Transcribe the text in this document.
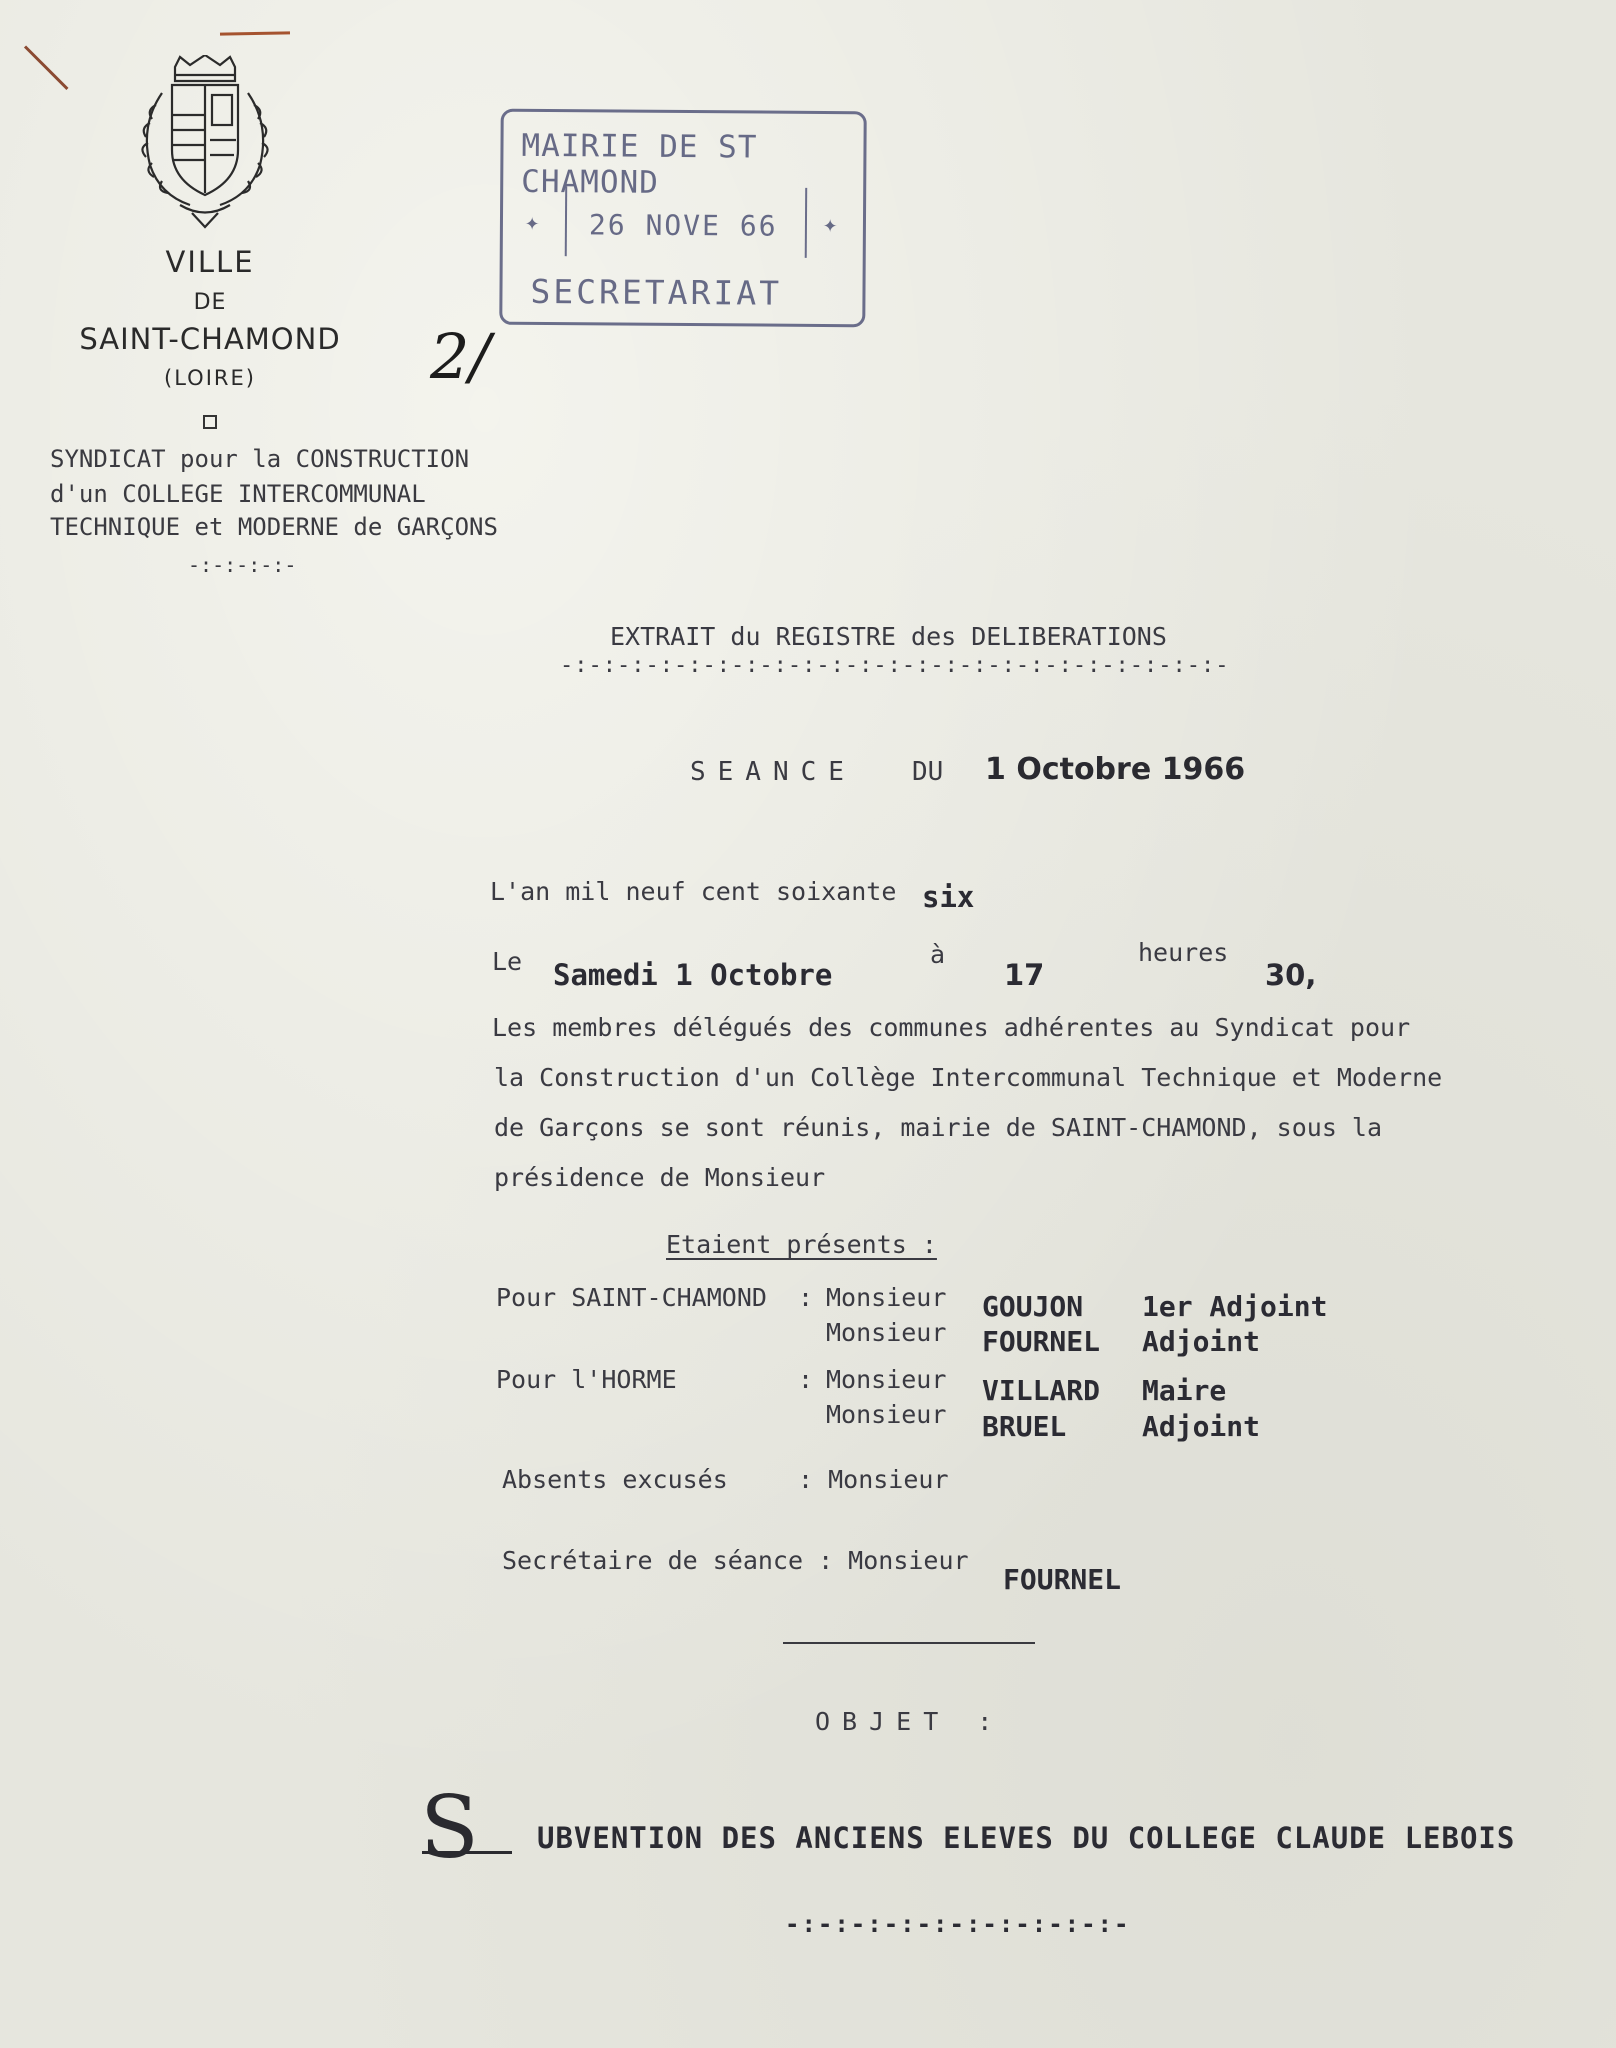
VILLE
DE
SAINT-CHAMOND
(LOIRE)
SYNDICAT pour la CONSTRUCTION
d'un COLLEGE INTERCOMMUNAL
TECHNIQUE et MODERNE de GARÇONS
-:-:-:-:-
2/
MAIRIE DE ST CHAMOND
✦ 26 NOVE 66 ✦
SECRETARIAT
EXTRAIT du REGISTRE des DELIBERATIONS
-:-:-:-:-:-:-:-:-:-:-:-:-:-:-:-:-:-:-:-:-:-:-:-
SEANCE DU 1 Octobre 1966
L'an mil neuf cent soixante six
Le Samedi 1 Octobre
à
17
heures
30,
Les membres délégués des communes adhérentes au Syndicat pour
la Construction d'un Collège Intercommunal Technique et Moderne
de Garçons se sont réunis, mairie de SAINT-CHAMOND, sous la
présidence de Monsieur
Etaient présents :
Pour SAINT-CHAMOND : Monsieur
Monsieur
GOUJON
FOURNEL
1er Adjoint
Adjoint
Pour l'HORME	: Monsieur
Monsieur
VILLARD
BRUEL
Maire
Adjoint
Absents excusés	: Monsieur
Secrétaire de séance : Monsieur
FOURNEL
OBJET :
S UBVENTION DES ANCIENS ELEVES DU COLLEGE CLAUDE LEBOIS
-:-:-:-:-:-:-:-:-:-:-
